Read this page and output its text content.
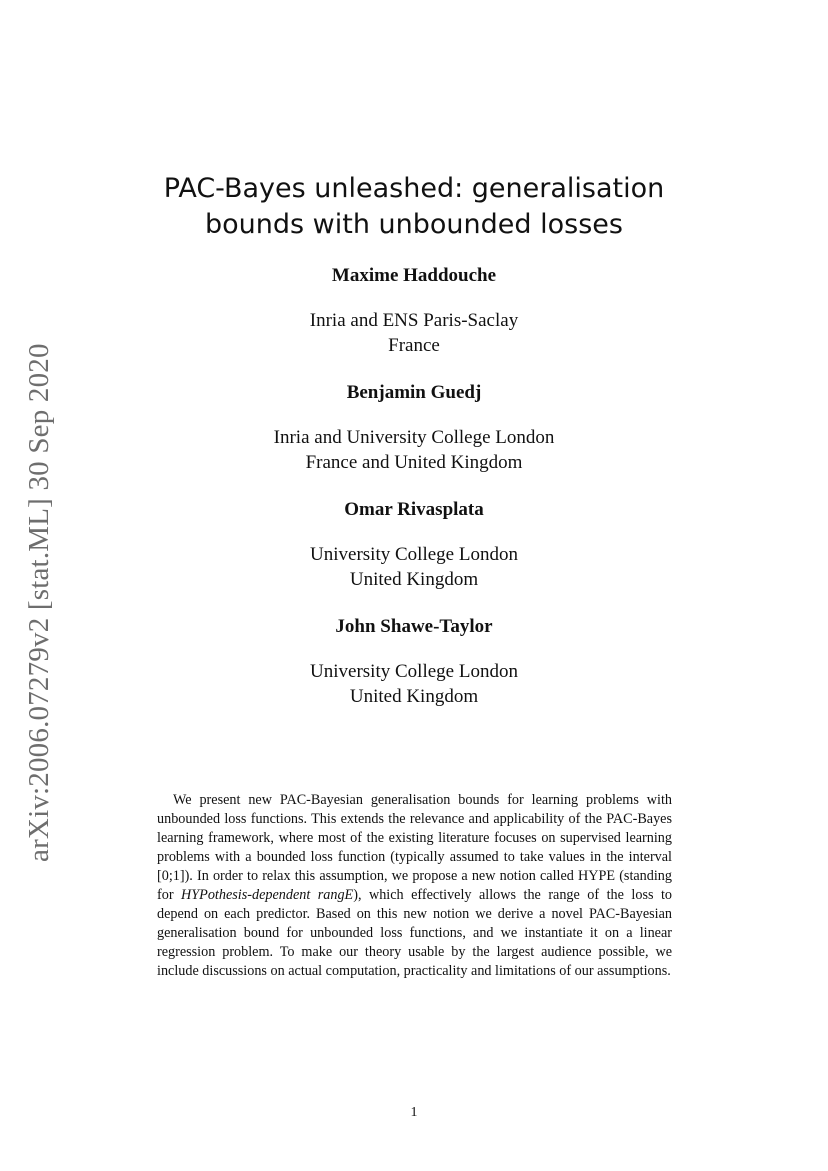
arXiv:2006.07279v2 [stat.ML] 30 Sep 2020
PAC-Bayes unleashed: generalisation
bounds with unbounded losses
Maxime Haddouche
Inria and ENS Paris-Saclay
France
Benjamin Guedj
Inria and University College London
France and United Kingdom
Omar Rivasplata
University College London
United Kingdom
John Shawe-Taylor
University College London
United Kingdom
We present new PAC-Bayesian generalisation bounds for learning problems with unbounded loss functions. This extends the relevance and applicability of the PAC-Bayes learning framework, where most of the existing literature focuses on supervised learning problems with a bounded loss function (typically assumed to take values in the interval [0;1]). In order to relax this assumption, we propose a new notion called HYPE (standing for HYPothesis-dependent rangE), which effectively allows the range of the loss to depend on each predictor. Based on this new notion we derive a novel PAC-Bayesian generalisation bound for unbounded loss functions, and we instantiate it on a linear regression problem. To make our theory usable by the largest audience possible, we include discussions on actual computation, practicality and limitations of our assumptions.
1
